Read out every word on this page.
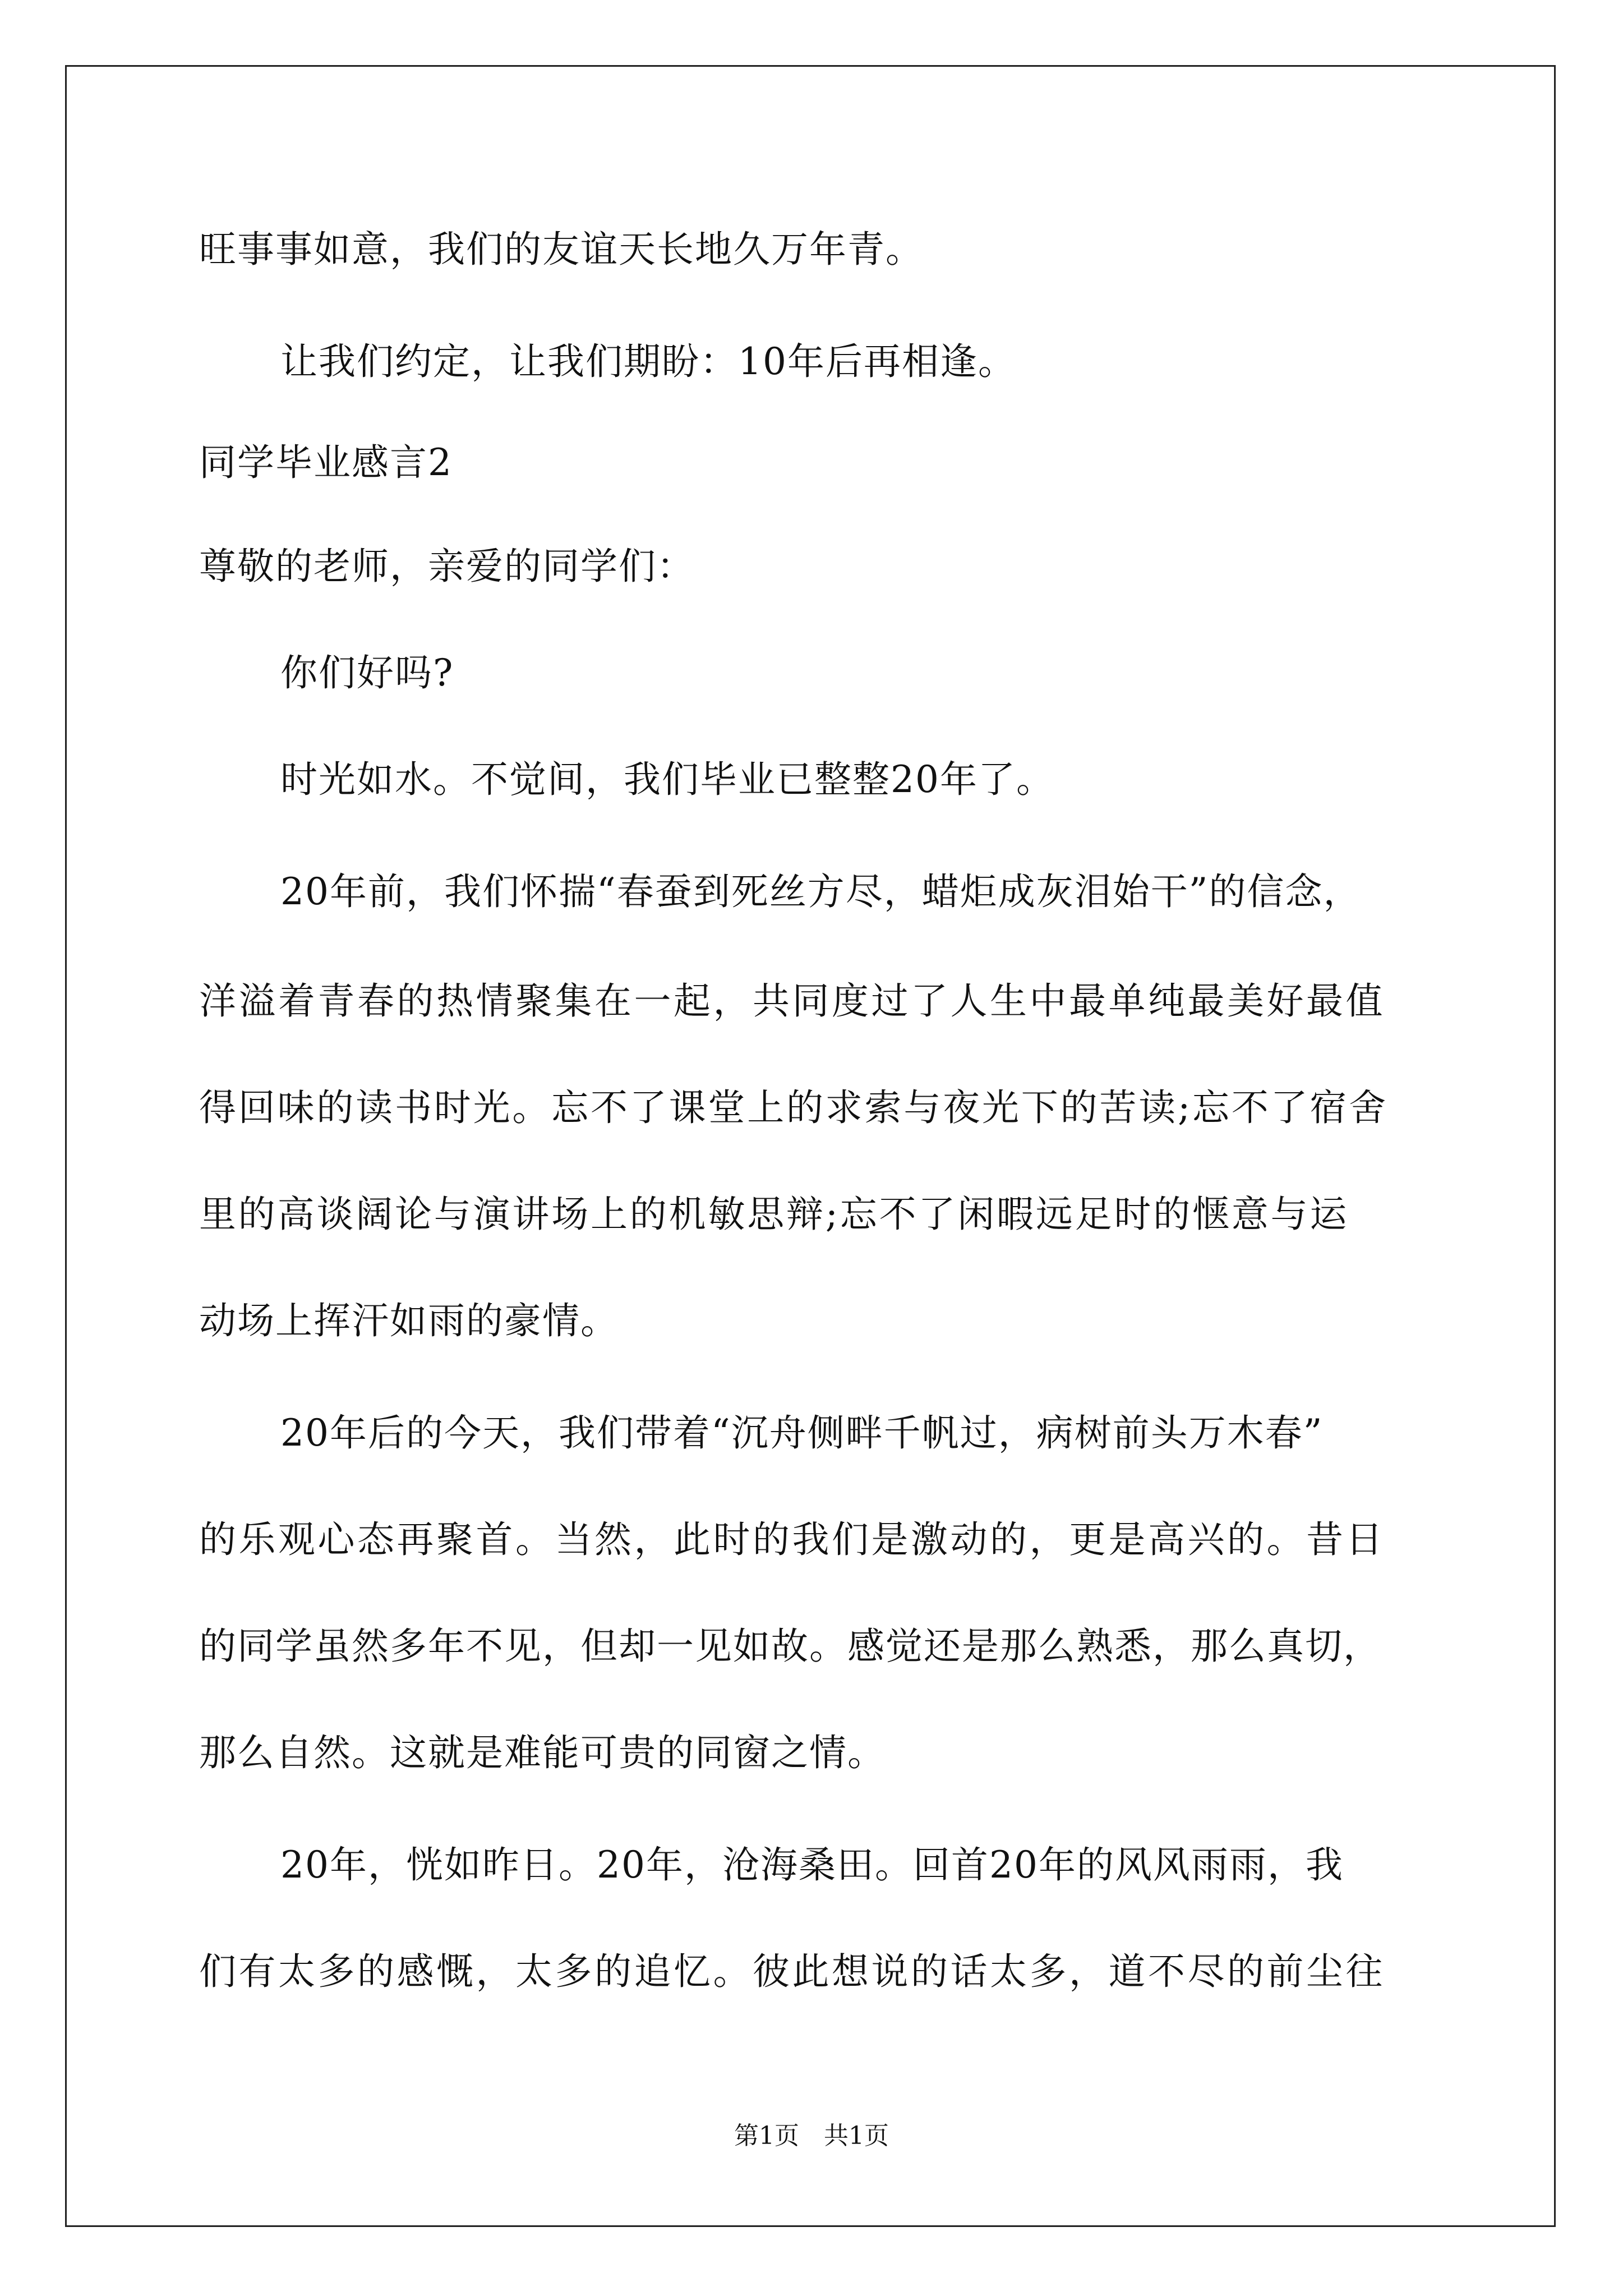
旺事事如意，我们的友谊天长地久万年青。
让我们约定，让我们期盼：10年后再相逢。
同学毕业感言2
尊敬的老师，亲爱的同学们：
你们好吗?
时光如水。不觉间，我们毕业已整整20年了。
20年前，我们怀揣“春蚕到死丝方尽，蜡炬成灰泪始干”的信念，
洋溢着青春的热情聚集在一起，共同度过了人生中最单纯最美好最值
得回味的读书时光。忘不了课堂上的求索与夜光下的苦读;忘不了宿舍
里的高谈阔论与演讲场上的机敏思辩;忘不了闲暇远足时的惬意与运
动场上挥汗如雨的豪情。
20年后的今天，我们带着“沉舟侧畔千帆过，病树前头万木春”
的乐观心态再聚首。当然，此时的我们是激动的，更是高兴的。昔日
的同学虽然多年不见，但却一见如故。感觉还是那么熟悉，那么真切，
那么自然。这就是难能可贵的同窗之情。
20年，恍如昨日。20年，沧海桑田。回首20年的风风雨雨，我
们有太多的感慨，太多的追忆。彼此想说的话太多，道不尽的前尘往
第1页　共1页
